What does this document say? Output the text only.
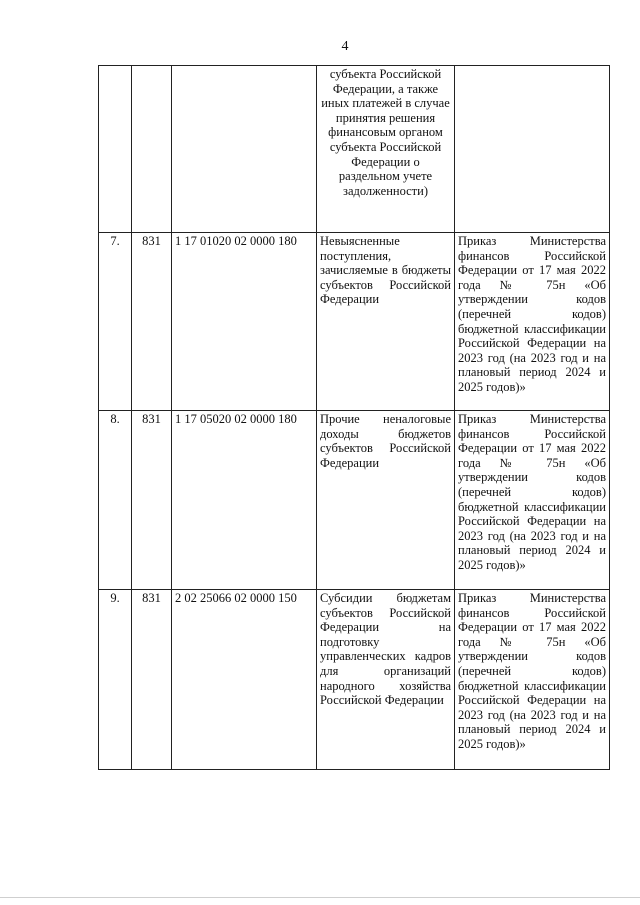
4

			субъекта Российской Федерации, а также иных платежей в случае принятия решения финансовым органом субъекта Российской Федерации о раздельном учете задолженности)	

7.	831	1 17 01020 02 0000 180	Невыясненные поступления, зачисляемые в бюджеты субъектов Российской Федерации	Приказ Министерства финансов Российской Федерации от 17 мая 2022 года № 75н «Об утверждении кодов (перечней кодов) бюджетной классификации Российской Федерации на 2023 год (на 2023 год и на плановый период 2024 и 2025 годов)»

8.	831	1 17 05020 02 0000 180	Прочие неналоговые доходы бюджетов субъектов Российской Федерации	Приказ Министерства финансов Российской Федерации от 17 мая 2022 года № 75н «Об утверждении кодов (перечней кодов) бюджетной классификации Российской Федерации на 2023 год (на 2023 год и на плановый период 2024 и 2025 годов)»

9.	831	2 02 25066 02 0000 150	Субсидии бюджетам субъектов Российской Федерации на подготовку управленческих кадров для организаций народного хозяйства Российской Федерации	Приказ Министерства финансов Российской Федерации от 17 мая 2022 года № 75н «Об утверждении кодов (перечней кодов) бюджетной классификации Российской Федерации на 2023 год (на 2023 год и на плановый период 2024 и 2025 годов)»
